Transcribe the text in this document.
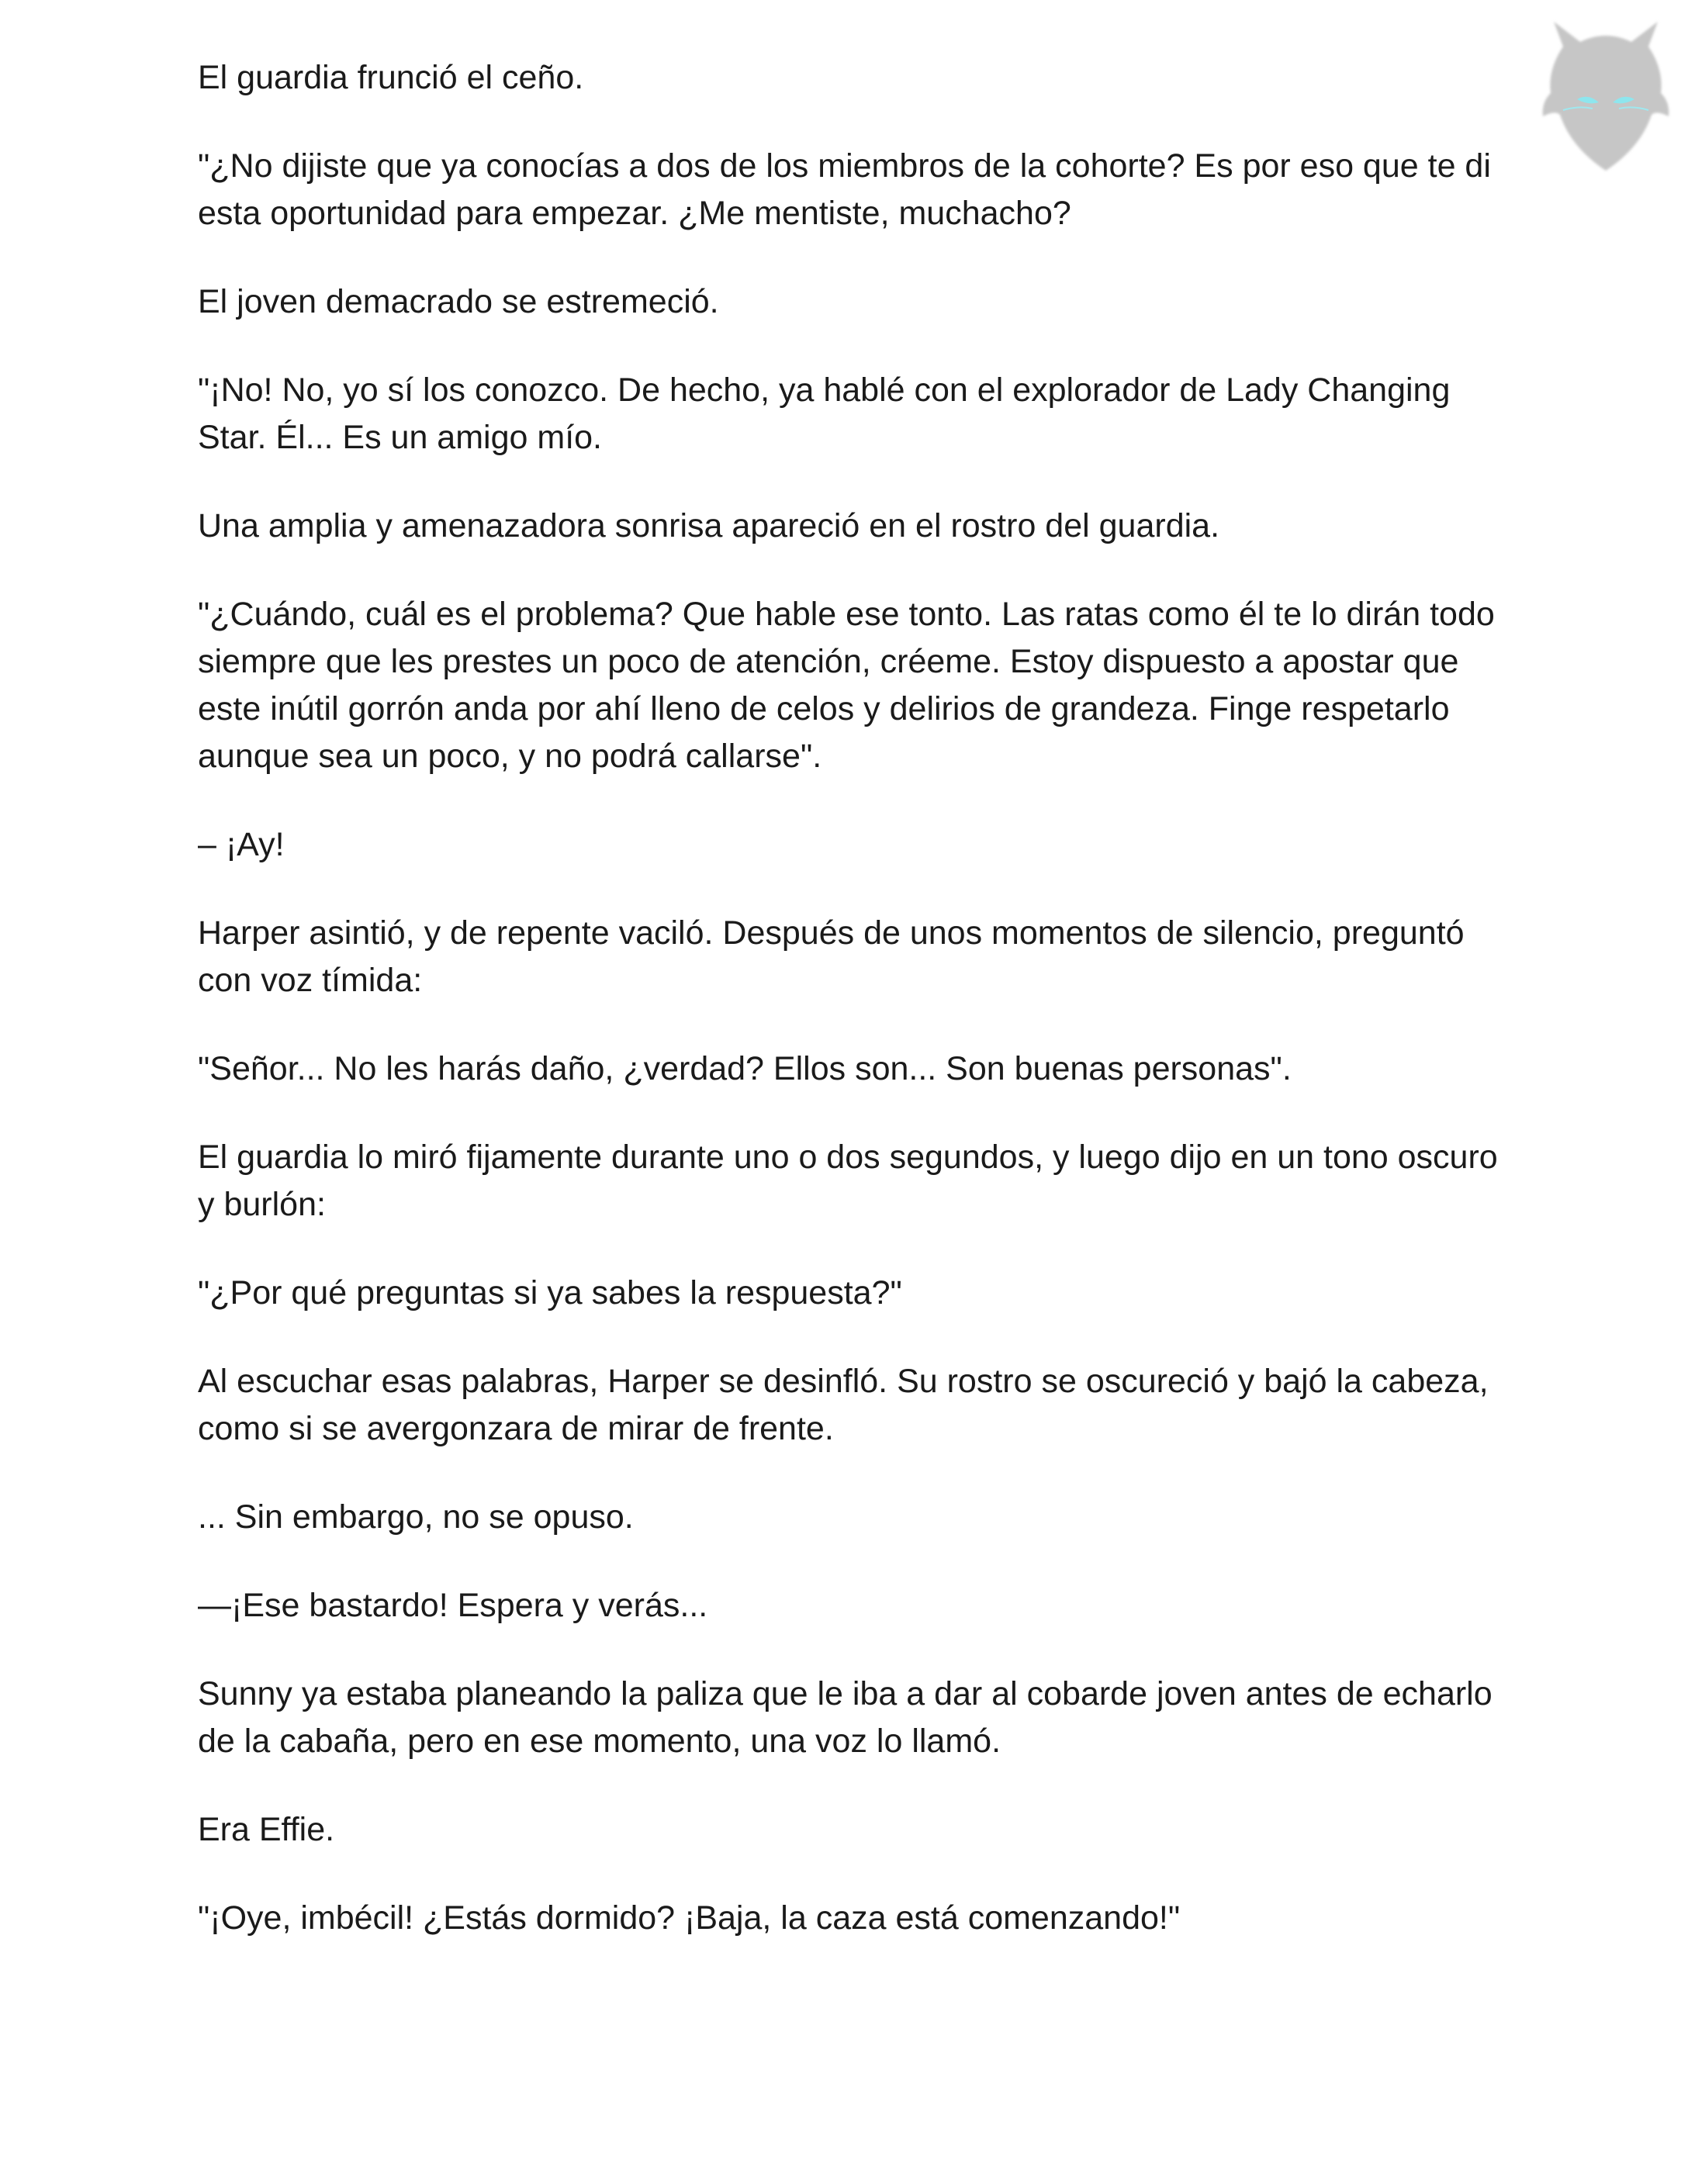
El guardia frunció el ceño.

"¿No dijiste que ya conocías a dos de los miembros de la cohorte? Es por eso que te di esta oportunidad para empezar. ¿Me mentiste, muchacho?

El joven demacrado se estremeció.

"¡No! No, yo sí los conozco. De hecho, ya hablé con el explorador de Lady Changing Star. Él... Es un amigo mío.

Una amplia y amenazadora sonrisa apareció en el rostro del guardia.

"¿Cuándo, cuál es el problema? Que hable ese tonto. Las ratas como él te lo dirán todo siempre que les prestes un poco de atención, créeme. Estoy dispuesto a apostar que este inútil gorrón anda por ahí lleno de celos y delirios de grandeza. Finge respetarlo aunque sea un poco, y no podrá callarse".

– ¡Ay!

Harper asintió, y de repente vaciló. Después de unos momentos de silencio, preguntó con voz tímida:

"Señor... No les harás daño, ¿verdad? Ellos son... Son buenas personas".

El guardia lo miró fijamente durante uno o dos segundos, y luego dijo en un tono oscuro y burlón:

"¿Por qué preguntas si ya sabes la respuesta?"

Al escuchar esas palabras, Harper se desinfló. Su rostro se oscureció y bajó la cabeza, como si se avergonzara de mirar de frente.

... Sin embargo, no se opuso.

—¡Ese bastardo! Espera y verás...

Sunny ya estaba planeando la paliza que le iba a dar al cobarde joven antes de echarlo de la cabaña, pero en ese momento, una voz lo llamó.

Era Effie.

"¡Oye, imbécil! ¿Estás dormido? ¡Baja, la caza está comenzando!"
